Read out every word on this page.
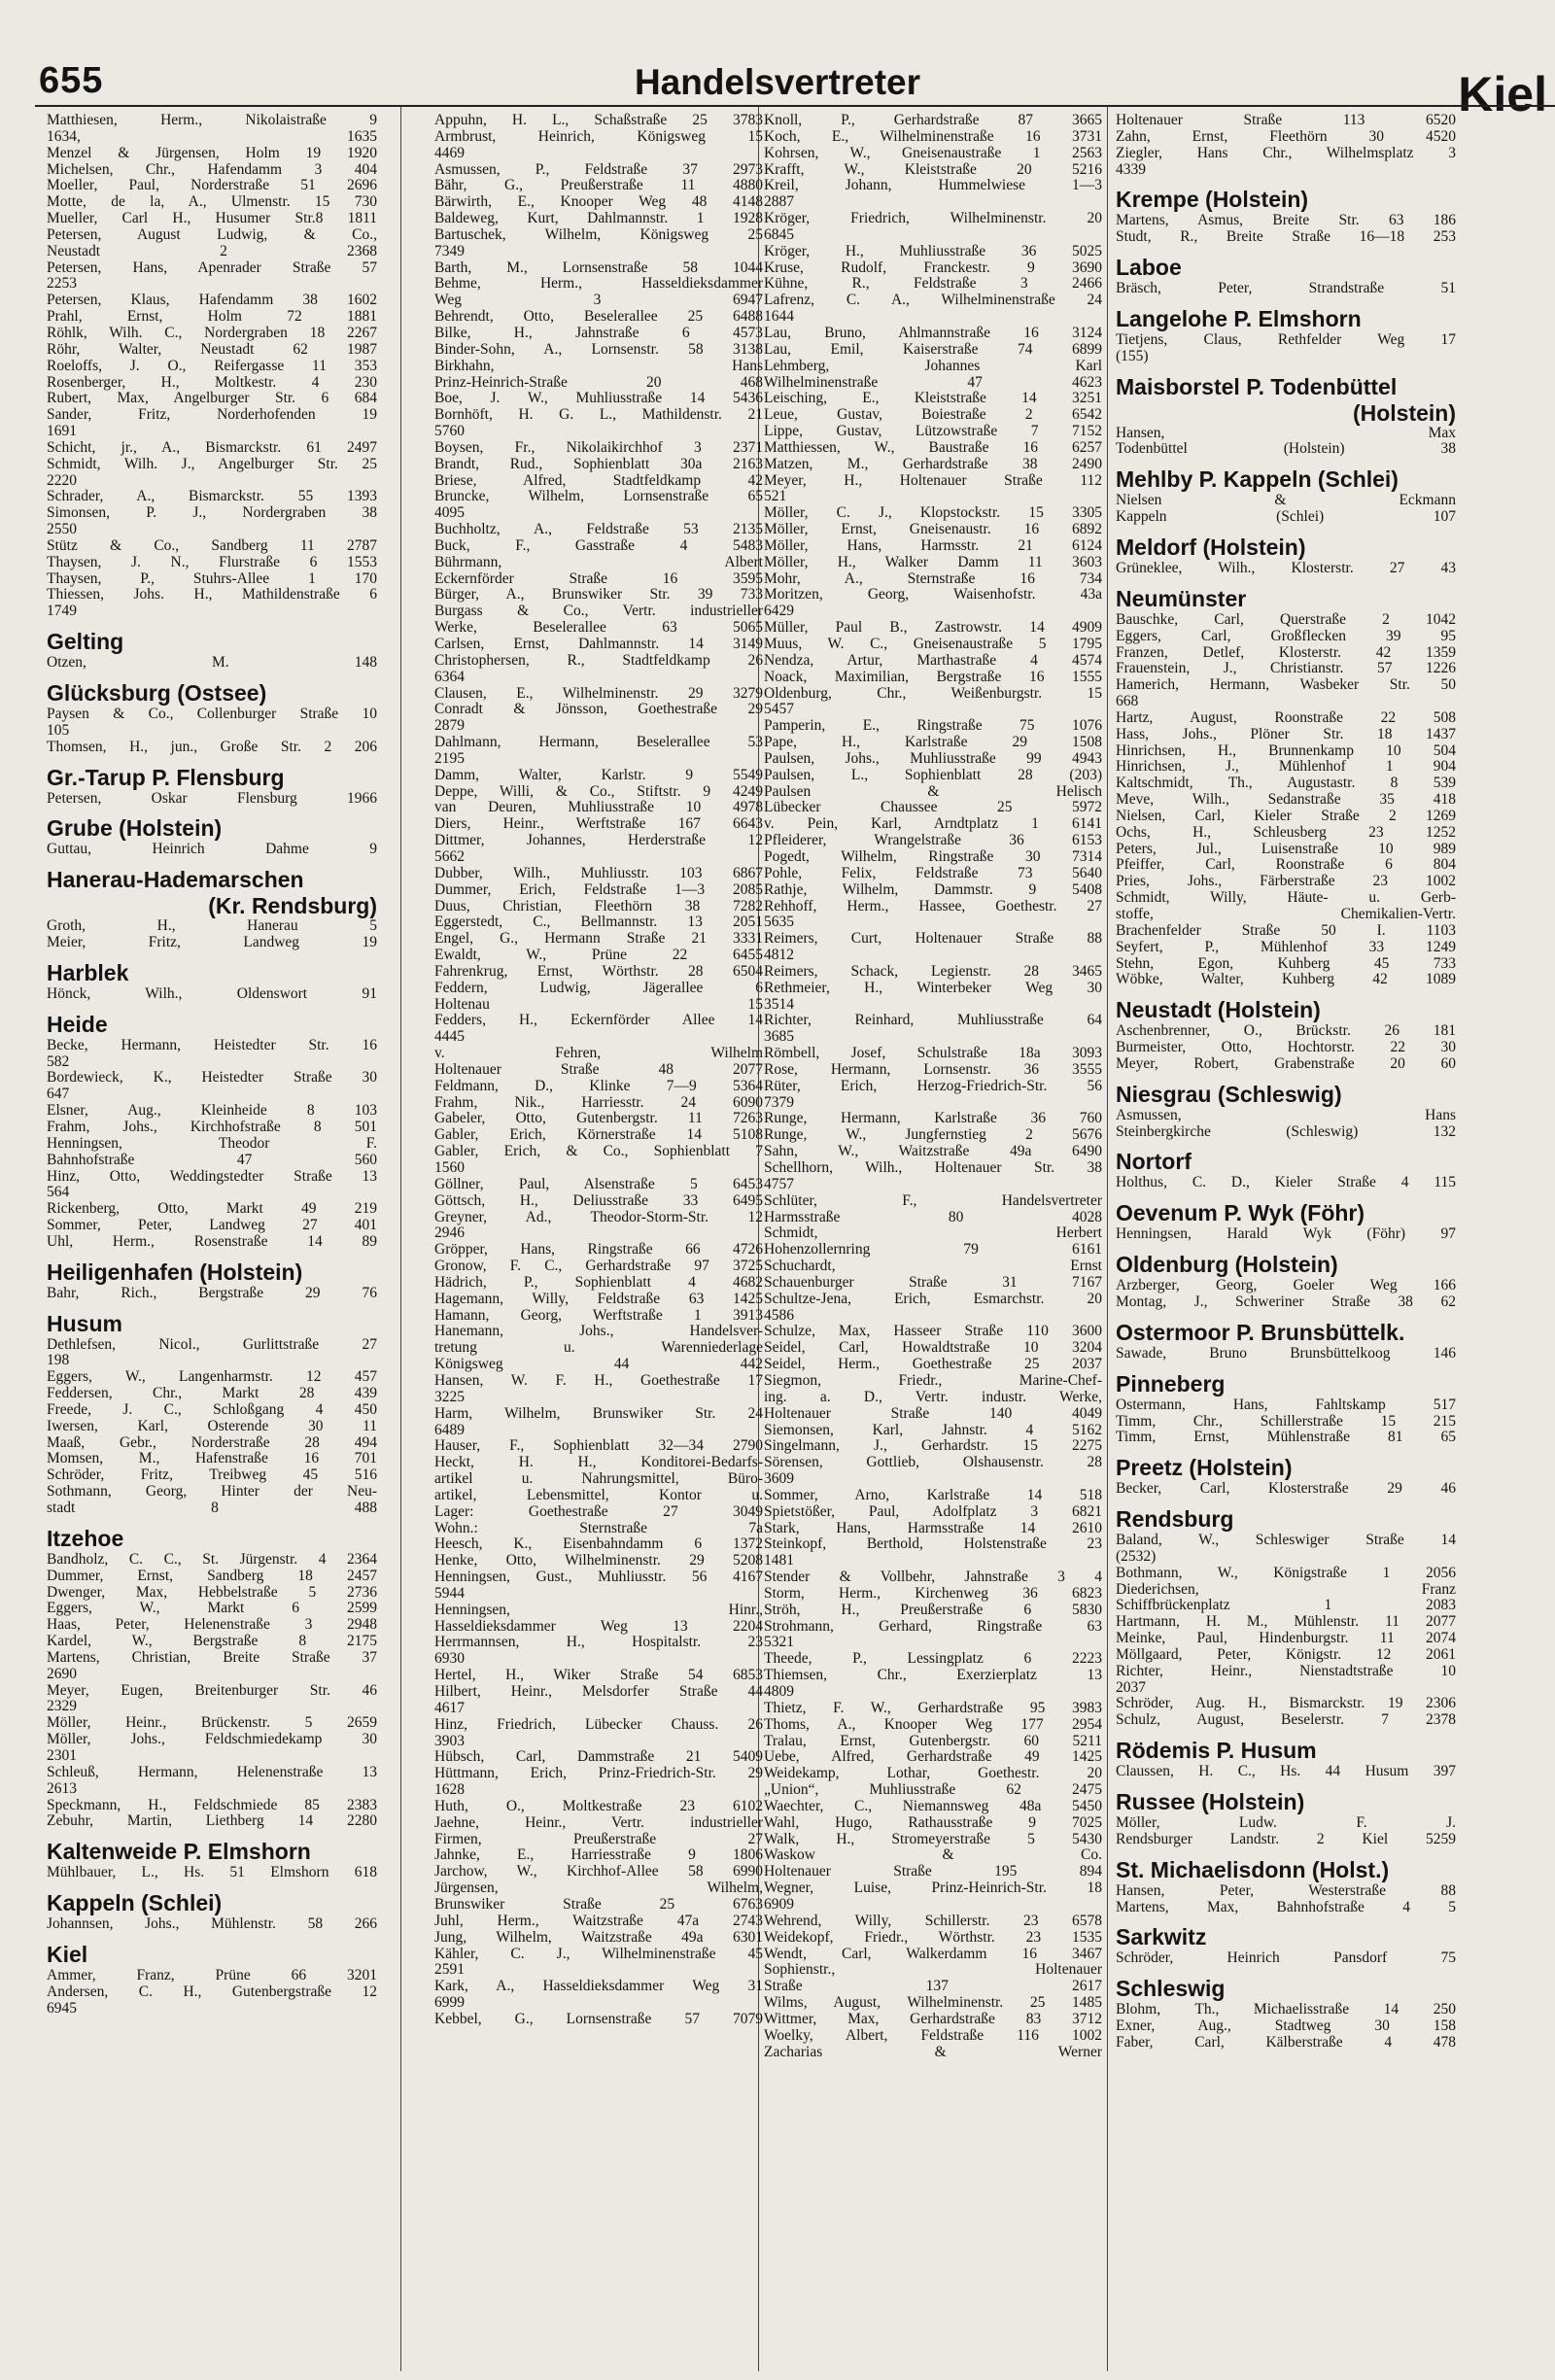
655	Handelsvertreter	Kiel
Matthiesen, Herm., Nikolaistraße 9
1634, 1635
Menzel & Jürgensen, Holm 19 1920
Michelsen, Chr., Hafendamm 3 404
Moeller, Paul, Norderstraße 51 2696
Motte, de la, A., Ulmenstr. 15 730
Mueller, Carl H., Husumer Str.8 1811
Petersen, August Ludwig, & Co.,
Neustadt 2 2368
Petersen, Hans, Apenrader Straße 57
2253
Petersen, Klaus, Hafendamm 38 1602
Prahl, Ernst, Holm 72 1881
Röhlk, Wilh. C., Nordergraben 18 2267
Röhr, Walter, Neustadt 62 1987
Roeloffs, J. O., Reifergasse 11 353
Rosenberger, H., Moltkestr. 4 230
Rubert, Max, Angelburger Str. 6 684
Sander, Fritz, Norderhofenden 19
1691
Schicht, jr., A., Bismarckstr. 61 2497
Schmidt, Wilh. J., Angelburger Str. 25
2220
Schrader, A., Bismarckstr. 55 1393
Simonsen, P. J., Nordergraben 38
2550
Stütz & Co., Sandberg 11 2787
Thaysen, J. N., Flurstraße 6 1553
Thaysen, P., Stuhrs-Allee 1 170
Thiessen, Johs. H., Mathildenstraße 6
1749
Gelting
Otzen, M. 148
Glücksburg (Ostsee)
Paysen & Co., Collenburger Straße 10
105
Thomsen, H., jun., Große Str. 2 206
Gr.-Tarup P. Flensburg
Petersen, Oskar Flensburg 1966
Grube (Holstein)
Guttau, Heinrich Dahme 9
Hanerau-Hademarschen
(Kr. Rendsburg)
Groth, H., Hanerau 5
Meier, Fritz, Landweg 19
Harblek
Hönck, Wilh., Oldenswort 91
Heide
Becke, Hermann, Heistedter Str. 16
582
Bordewieck, K., Heistedter Straße 30
647
Elsner, Aug., Kleinheide 8 103
Frahm, Johs., Kirchhofstraße 8 501
Henningsen, Theodor F.
Bahnhofstraße 47 560
Hinz, Otto, Weddingstedter Straße 13
564
Rickenberg, Otto, Markt 49 219
Sommer, Peter, Landweg 27 401
Uhl, Herm., Rosenstraße 14 89
Heiligenhafen (Holstein)
Bahr, Rich., Bergstraße 29 76
Husum
Dethlefsen, Nicol., Gurlittstraße 27
198
Eggers, W., Langenharmstr. 12 457
Feddersen, Chr., Markt 28 439
Freede, J. C., Schloßgang 4 450
Iwersen, Karl, Osterende 30 11
Maaß, Gebr., Norderstraße 28 494
Momsen, M., Hafenstraße 16 701
Schröder, Fritz, Treibweg 45 516
Sothmann, Georg, Hinter der Neu-
stadt 8 488
Itzehoe
Bandholz, C. C., St. Jürgenstr. 4 2364
Dummer, Ernst, Sandberg 18 2457
Dwenger, Max, Hebbelstraße 5 2736
Eggers, W., Markt 6 2599
Haas, Peter, Helenenstraße 3 2948
Kardel, W., Bergstraße 8 2175
Martens, Christian, Breite Straße 37
2690
Meyer, Eugen, Breitenburger Str. 46
2329
Möller, Heinr., Brückenstr. 5 2659
Möller, Johs., Feldschmiedekamp 30
2301
Schleuß, Hermann, Helenenstraße 13
2613
Speckmann, H., Feldschmiede 85 2383
Zebuhr, Martin, Liethberg 14 2280
Kaltenweide P. Elmshorn
Mühlbauer, L., Hs. 51 Elmshorn 618
Kappeln (Schlei)
Johannsen, Johs., Mühlenstr. 58 266
Kiel
Ammer, Franz, Prüne 66 3201
Andersen, C. H., Gutenbergstraße 12
6945
Appuhn, H. L., Schaßstraße 25 3783
Armbrust, Heinrich, Königsweg 15
4469
Asmussen, P., Feldstraße 37 2973
Bähr, G., Preußerstraße 11 4880
Bärwirth, E., Knooper Weg 48 4148
Baldeweg, Kurt, Dahlmannstr. 1 1928
Bartuschek, Wilhelm, Königsweg 25
7349
Barth, M., Lornsenstraße 58 1044
Behme, Herm., Hasseldieksdammer
Weg 3 6947
Behrendt, Otto, Beselerallee 25 6488
Bilke, H., Jahnstraße 6 4573
Binder-Sohn, A., Lornsenstr. 58 3138
Birkhahn, Hans
Prinz-Heinrich-Straße 20 468
Boe, J. W., Muhliusstraße 14 5436
Bornhöft, H. G. L., Mathildenstr. 21
5760
Boysen, Fr., Nikolaikirchhof 3 2371
Brandt, Rud., Sophienblatt 30a 2163
Briese, Alfred, Stadtfeldkamp 42
Bruncke, Wilhelm, Lornsenstraße 65
4095
Buchholtz, A., Feldstraße 53 2135
Buck, F., Gasstraße 4 5483
Bührmann, Albert
Eckernförder Straße 16 3595
Bürger, A., Brunswiker Str. 39 733
Burgass & Co., Vertr. industrieller
Werke, Beselerallee 63 5065
Carlsen, Ernst, Dahlmannstr. 14 3149
Christophersen, R., Stadtfeldkamp 26
6364
Clausen, E., Wilhelminenstr. 29 3279
Conradt & Jönsson, Goethestraße 29
2879
Dahlmann, Hermann, Beselerallee 53
2195
Damm, Walter, Karlstr. 9 5549
Deppe, Willi, & Co., Stiftstr. 9 4249
van Deuren, Muhliusstraße 10 4978
Diers, Heinr., Werftstraße 167 6643
Dittmer, Johannes, Herderstraße 12
5662
Dubber, Wilh., Muhliusstr. 103 6867
Dummer, Erich, Feldstraße 1—3 2085
Duus, Christian, Fleethörn 38 7282
Eggerstedt, C., Bellmannstr. 13 2051
Engel, G., Hermann Straße 21 3331
Ewaldt, W., Prüne 22 6455
Fahrenkrug, Ernst, Wörthstr. 28 6504
Feddern, Ludwig, Jägerallee 6
Holtenau 15
Fedders, H., Eckernförder Allee 14
4445
v. Fehren, Wilhelm
Holtenauer Straße 48 2077
Feldmann, D., Klinke 7—9 5364
Frahm, Nik., Harriesstr. 24 6090
Gabeler, Otto, Gutenbergstr. 11 7263
Gabler, Erich, Körnerstraße 14 5108
Gabler, Erich, & Co., Sophienblatt 7
1560
Göllner, Paul, Alsenstraße 5 6453
Göttsch, H., Deliusstraße 33 6495
Greyner, Ad., Theodor-Storm-Str. 12
2946
Gröpper, Hans, Ringstraße 66 4726
Gronow, F. C., Gerhardstraße 97 3725
Hädrich, P., Sophienblatt 4 4682
Hagemann, Willy, Feldstraße 63 1425
Hamann, Georg, Werftstraße 1 3913
Hanemann, Johs., Handelsver-
tretung u. Warenniederlage
Königsweg 44 442
Hansen, W. F. H., Goethestraße 17
3225
Harm, Wilhelm, Brunswiker Str. 24
6489
Hauser, F., Sophienblatt 32—34 2790
Heckt, H. H., Konditorei-Bedarfs-
artikel u. Nahrungsmittel, Büro-
artikel, Lebensmittel, Kontor u.
Lager: Goethestraße 27 3049
Wohn.: Sternstraße 7a
Heesch, K., Eisenbahndamm 6 1372
Henke, Otto, Wilhelminenstr. 29 5208
Henningsen, Gust., Muhliusstr. 56 4167
5944
Henningsen, Hinr.,
Hasseldieksdammer Weg 13 2204
Herrmannsen, H., Hospitalstr. 23
6930
Hertel, H., Wiker Straße 54 6853
Hilbert, Heinr., Melsdorfer Straße 44
4617
Hinz, Friedrich, Lübecker Chauss. 26
3903
Hübsch, Carl, Dammstraße 21 5409
Hüttmann, Erich, Prinz-Friedrich-Str. 29
1628
Huth, O., Moltkestraße 23 6102
Jaehne, Heinr., Vertr. industrieller
Firmen, Preußerstraße 27
Jahnke, E., Harriesstraße 9 1806
Jarchow, W., Kirchhof-Allee 58 6990
Jürgensen, Wilhelm,
Brunswiker Straße 25 6763
Juhl, Herm., Waitzstraße 47a 2743
Jung, Wilhelm, Waitzstraße 49a 6301
Kähler, C. J., Wilhelminenstraße 45
2591
Kark, A., Hasseldieksdammer Weg 31
6999
Kebbel, G., Lornsenstraße 57 7079
Knoll, P., Gerhardstraße 87 3665
Koch, E., Wilhelminenstraße 16 3731
Kohrsen, W., Gneisenaustraße 1 2563
Krafft, W., Kleiststraße 20 5216
Kreil, Johann, Hummelwiese 1—3
2887
Kröger, Friedrich, Wilhelminenstr. 20
6845
Kröger, H., Muhliusstraße 36 5025
Kruse, Rudolf, Franckestr. 9 3690
Kühne, R., Feldstraße 3 2466
Lafrenz, C. A., Wilhelminenstraße 24
1644
Lau, Bruno, Ahlmannstraße 16 3124
Lau, Emil, Kaiserstraße 74 6899
Lehmberg, Johannes Karl
Wilhelminenstraße 47 4623
Leisching, E., Kleiststraße 14 3251
Leue, Gustav, Boiestraße 2 6542
Lippe, Gustav, Lützowstraße 7 7152
Matthiessen, W., Baustraße 16 6257
Matzen, M., Gerhardstraße 38 2490
Meyer, H., Holtenauer Straße 112
521
Möller, C. J., Klopstockstr. 15 3305
Möller, Ernst, Gneisenaustr. 16 6892
Möller, Hans, Harmsstr. 21 6124
Möller, H., Walker Damm 11 3603
Mohr, A., Sternstraße 16 734
Moritzen, Georg, Waisenhofstr. 43a
6429
Müller, Paul B., Zastrowstr. 14 4909
Muus, W. C., Gneisenaustraße 5 1795
Nendza, Artur, Marthastraße 4 4574
Noack, Maximilian, Bergstraße 16 1555
Oldenburg, Chr., Weißenburgstr. 15
5457
Pamperin, E., Ringstraße 75 1076
Pape, H., Karlstraße 29 1508
Paulsen, Johs., Muhliusstraße 99 4943
Paulsen, L., Sophienblatt 28 (203)
Paulsen & Helisch
Lübecker Chaussee 25 5972
v. Pein, Karl, Arndtplatz 1 6141
Pfleiderer, Wrangelstraße 36 6153
Pogedt, Wilhelm, Ringstraße 30 7314
Pohle, Felix, Feldstraße 73 5640
Rathje, Wilhelm, Dammstr. 9 5408
Rehhoff, Herm., Hassee, Goethestr. 27
5635
Reimers, Curt, Holtenauer Straße 88
4812
Reimers, Schack, Legienstr. 28 3465
Rethmeier, H., Winterbeker Weg 30
3514
Richter, Reinhard, Muhliusstraße 64
3685
Römbell, Josef, Schulstraße 18a 3093
Rose, Hermann, Lornsenstr. 36 3555
Rüter, Erich, Herzog-Friedrich-Str. 56
7379
Runge, Hermann, Karlstraße 36 760
Runge, W., Jungfernstieg 2 5676
Sahn, W., Waitzstraße 49a 6490
Schellhorn, Wilh., Holtenauer Str. 38
4757
Schlüter, F., Handelsvertreter
Harmsstraße 80 4028
Schmidt, Herbert
Hohenzollernring 79 6161
Schuchardt, Ernst
Schauenburger Straße 31 7167
Schultze-Jena, Erich, Esmarchstr. 20
4586
Schulze, Max, Hasseer Straße 110 3600
Seidel, Carl, Howaldtstraße 10 3204
Seidel, Herm., Goethestraße 25 2037
Siegmon, Friedr., Marine-Chef-
ing. a. D., Vertr. industr. Werke,
Holtenauer Straße 140 4049
Siemonsen, Karl, Jahnstr. 4 5162
Singelmann, J., Gerhardstr. 15 2275
Sörensen, Gottlieb, Olshausenstr. 28
3609
Sommer, Arno, Karlstraße 14 518
Spietstößer, Paul, Adolfplatz 3 6821
Stark, Hans, Harmsstraße 14 2610
Steinkopf, Berthold, Holstenstraße 23
1481
Stender & Vollbehr, Jahnstraße 3 4
Storm, Herm., Kirchenweg 36 6823
Ströh, H., Preußerstraße 6 5830
Strohmann, Gerhard, Ringstraße 63
5321
Theede, P., Lessingplatz 6 2223
Thiemsen, Chr., Exerzierplatz 13
4809
Thietz, F. W., Gerhardstraße 95 3983
Thoms, A., Knooper Weg 177 2954
Tralau, Ernst, Gutenbergstr. 60 5211
Uebe, Alfred, Gerhardstraße 49 1425
Weidekamp, Lothar, Goethestr. 20
„Union“, Muhliusstraße 62 2475
Waechter, C., Niemannsweg 48a 5450
Wahl, Hugo, Rathausstraße 9 7025
Walk, H., Stromeyerstraße 5 5430
Waskow & Co.
Holtenauer Straße 195 894
Wegner, Luise, Prinz-Heinrich-Str. 18
6909
Wehrend, Willy, Schillerstr. 23 6578
Weidekopf, Friedr., Wörthstr. 23 1535
Wendt, Carl, Walkerdamm 16 3467
Sophienstr., Holtenauer
Straße 137 2617
Wilms, August, Wilhelminenstr. 25 1485
Wittmer, Max, Gerhardstraße 83 3712
Woelky, Albert, Feldstraße 116 1002
Zacharias & Werner
Holtenauer Straße 113 6520
Zahn, Ernst, Fleethörn 30 4520
Ziegler, Hans Chr., Wilhelmsplatz 3
4339
Krempe (Holstein)
Martens, Asmus, Breite Str. 63 186
Studt, R., Breite Straße 16—18 253
Laboe
Bräsch, Peter, Strandstraße 51
Langelohe P. Elmshorn
Tietjens, Claus, Rethfelder Weg 17
(155)
Maisborstel P. Todenbüttel
(Holstein)
Hansen, Max
Todenbüttel (Holstein) 38
Mehlby P. Kappeln (Schlei)
Nielsen & Eckmann
Kappeln (Schlei) 107
Meldorf (Holstein)
Grüneklee, Wilh., Klosterstr. 27 43
Neumünster
Bauschke, Carl, Querstraße 2 1042
Eggers, Carl, Großflecken 39 95
Franzen, Detlef, Klosterstr. 42 1359
Frauenstein, J., Christianstr. 57 1226
Hamerich, Hermann, Wasbeker Str. 50
668
Hartz, August, Roonstraße 22 508
Hass, Johs., Plöner Str. 18 1437
Hinrichsen, H., Brunnenkamp 10 504
Hinrichsen, J., Mühlenhof 1 904
Kaltschmidt, Th., Augustastr. 8 539
Meve, Wilh., Sedanstraße 35 418
Nielsen, Carl, Kieler Straße 2 1269
Ochs, H., Schleusberg 23 1252
Peters, Jul., Luisenstraße 10 989
Pfeiffer, Carl, Roonstraße 6 804
Pries, Johs., Färberstraße 23 1002
Schmidt, Willy, Häute- u. Gerb-
stoffe, Chemikalien-Vertr.
Brachenfelder Straße 50 I. 1103
Seyfert, P., Mühlenhof 33 1249
Stehn, Egon, Kuhberg 45 733
Wöbke, Walter, Kuhberg 42 1089
Neustadt (Holstein)
Aschenbrenner, O., Brückstr. 26 181
Burmeister, Otto, Hochtorstr. 22 30
Meyer, Robert, Grabenstraße 20 60
Niesgrau (Schleswig)
Asmussen, Hans
Steinbergkirche (Schleswig) 132
Nortorf
Holthus, C. D., Kieler Straße 4 115
Oevenum P. Wyk (Föhr)
Henningsen, Harald Wyk (Föhr) 97
Oldenburg (Holstein)
Arzberger, Georg, Goeler Weg 166
Montag, J., Schweriner Straße 38 62
Ostermoor P. Brunsbüttelk.
Sawade, Bruno Brunsbüttelkoog 146
Pinneberg
Ostermann, Hans, Fahltskamp 517
Timm, Chr., Schillerstraße 15 215
Timm, Ernst, Mühlenstraße 81 65
Preetz (Holstein)
Becker, Carl, Klosterstraße 29 46
Rendsburg
Baland, W., Schleswiger Straße 14
(2532)
Bothmann, W., Königstraße 1 2056
Diederichsen, Franz
Schiffbrückenplatz 1 2083
Hartmann, H. M., Mühlenstr. 11 2077
Meinke, Paul, Hindenburgstr. 11 2074
Möllgaard, Peter, Königstr. 12 2061
Richter, Heinr., Nienstadtstraße 10
2037
Schröder, Aug. H., Bismarckstr. 19 2306
Schulz, August, Beselerstr. 7 2378
Rödemis P. Husum
Claussen, H. C., Hs. 44 Husum 397
Russee (Holstein)
Möller, Ludw. F. J.
Rendsburger Landstr. 2 Kiel 5259
St. Michaelisdonn (Holst.)
Hansen, Peter, Westerstraße 88
Martens, Max, Bahnhofstraße 4 5
Sarkwitz
Schröder, Heinrich Pansdorf 75
Schleswig
Blohm, Th., Michaelisstraße 14 250
Exner, Aug., Stadtweg 30 158
Faber, Carl, Kälberstraße 4 478
